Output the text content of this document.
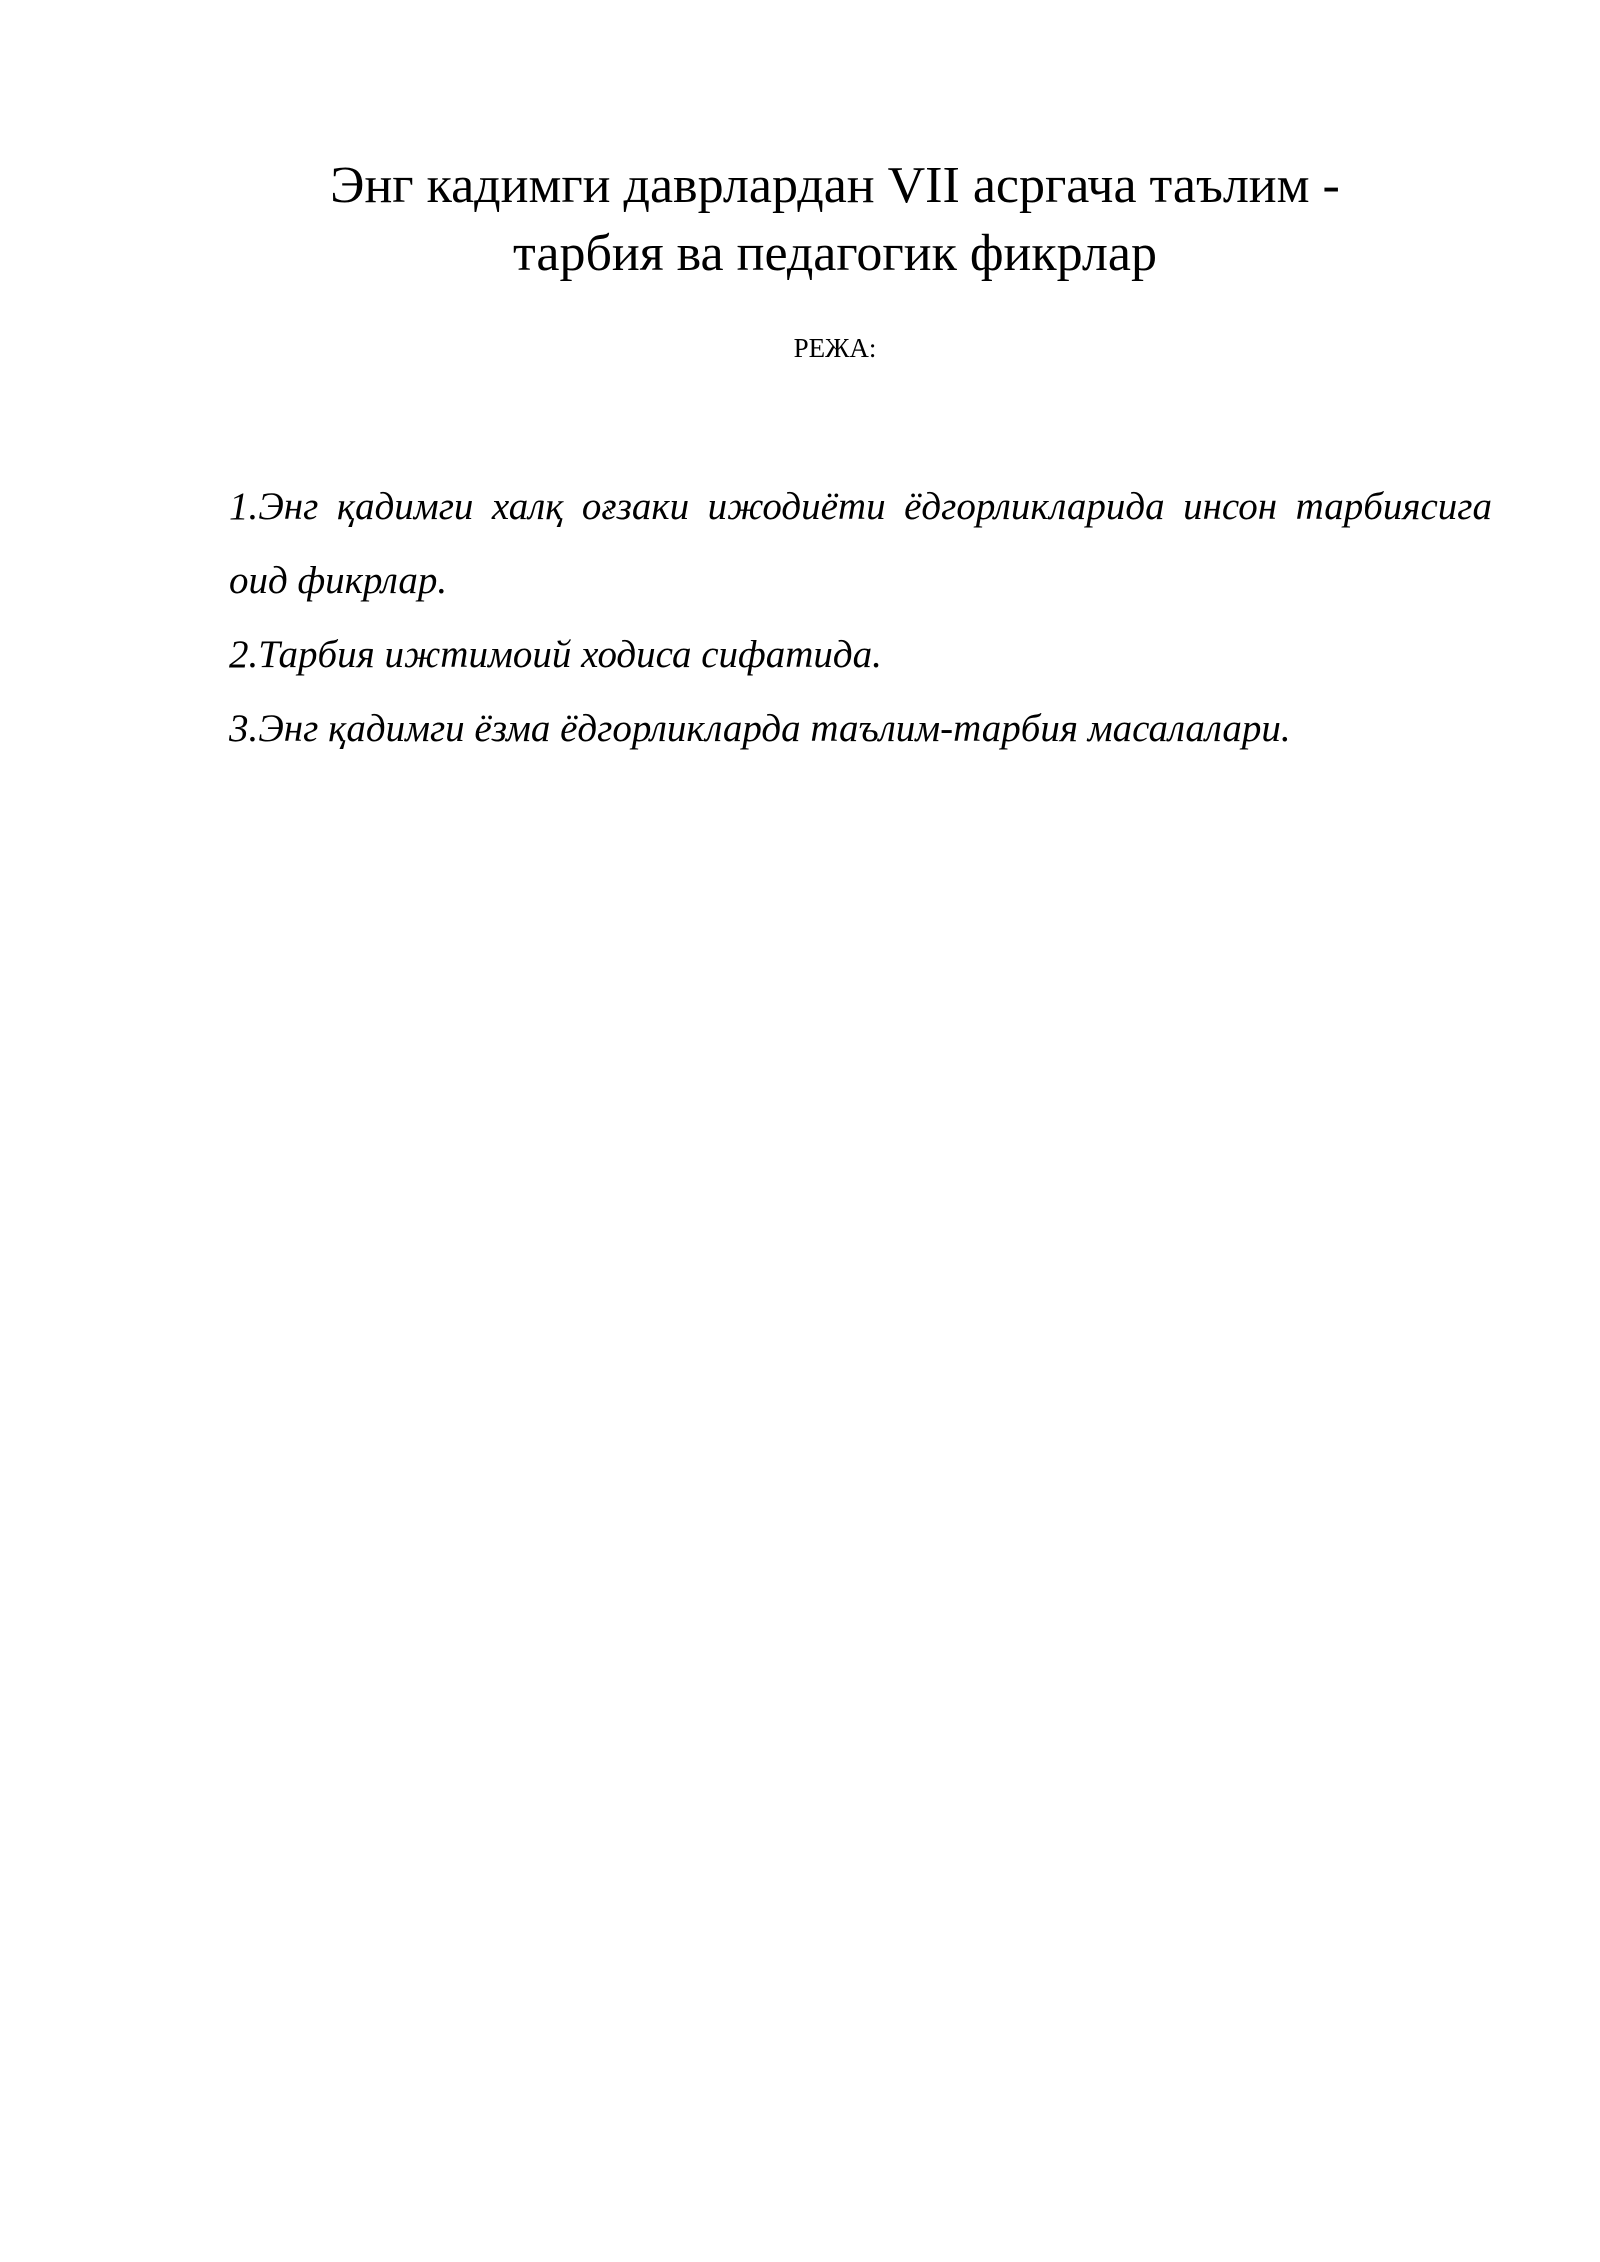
Энг кадимги даврлардан VII асргача таълим -
тарбия ва педагогик фикрлар
РЕЖА:
1.Энг қадимги халқ оғзаки ижодиёти ёдгорликларида инсон тарбиясига оид фикрлар.
2.Тарбия ижтимоий ходиса сифатида.
3.Энг қадимги ёзма ёдгорликларда таълим-тарбия масалалари.
